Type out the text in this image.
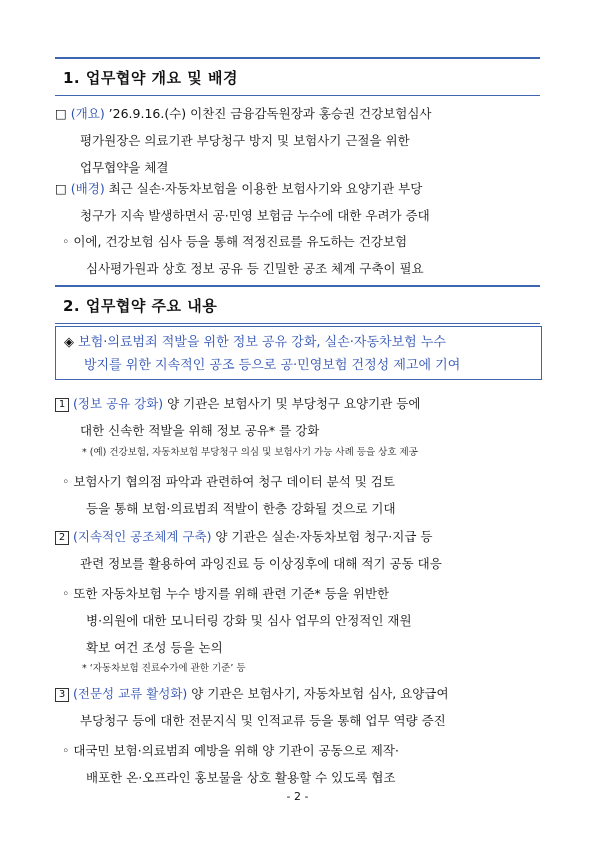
1. 업무협약 개요 및 배경
□ (개요) ’26.9.16.(수) 이찬진 금융감독원장과 홍승권 건강보험심사
평가원장은 의료기관 부당청구 방지 및 보험사기 근절을 위한
업무협약을 체결
□ (배경) 최근 실손·자동차보험을 이용한 보험사기와 요양기관 부당
청구가 지속 발생하면서 공·민영 보험금 누수에 대한 우려가 증대
◦ 이에, 건강보험 심사 등을 통해 적정진료를 유도하는 건강보험
심사평가원과 상호 정보 공유 등 긴밀한 공조 체계 구축이 필요
2. 업무협약 주요 내용
◈ 보험·의료범죄 적발을 위한 정보 공유 강화, 실손·자동차보험 누수
방지를 위한 지속적인 공조 등으로 공·민영보험 건정성 제고에 기여
1 (정보 공유 강화) 양 기관은 보험사기 및 부당청구 요양기관 등에
대한 신속한 적발을 위해 정보 공유* 를 강화
* (예) 건강보험, 자동차보험 부당청구 의심 및 보험사기 가능 사례 등을 상호 제공
◦ 보험사기 협의점 파악과 관련하여 청구 데이터 분석 및 검토
등을 통해 보험·의료범죄 적발이 한층 강화될 것으로 기대
2 (지속적인 공조체계 구축) 양 기관은 실손·자동차보험 청구·지급 등
관련 정보를 활용하여 과잉진료 등 이상징후에 대해 적기 공동 대응
◦ 또한 자동차보험 누수 방지를 위해 관련 기준* 등을 위반한
병·의원에 대한 모니터링 강화 및 심사 업무의 안정적인 재원
확보 여건 조성 등을 논의
* ‘자동차보험 진료수가에 관한 기준’ 등
3 (전문성 교류 활성화) 양 기관은 보험사기, 자동차보험 심사, 요양급여
부당청구 등에 대한 전문지식 및 인적교류 등을 통해 업무 역량 증진
◦ 대국민 보험·의료범죄 예방을 위해 양 기관이 공동으로 제작·
배포한 온·오프라인 홍보물을 상호 활용할 수 있도록 협조
- 2 -
